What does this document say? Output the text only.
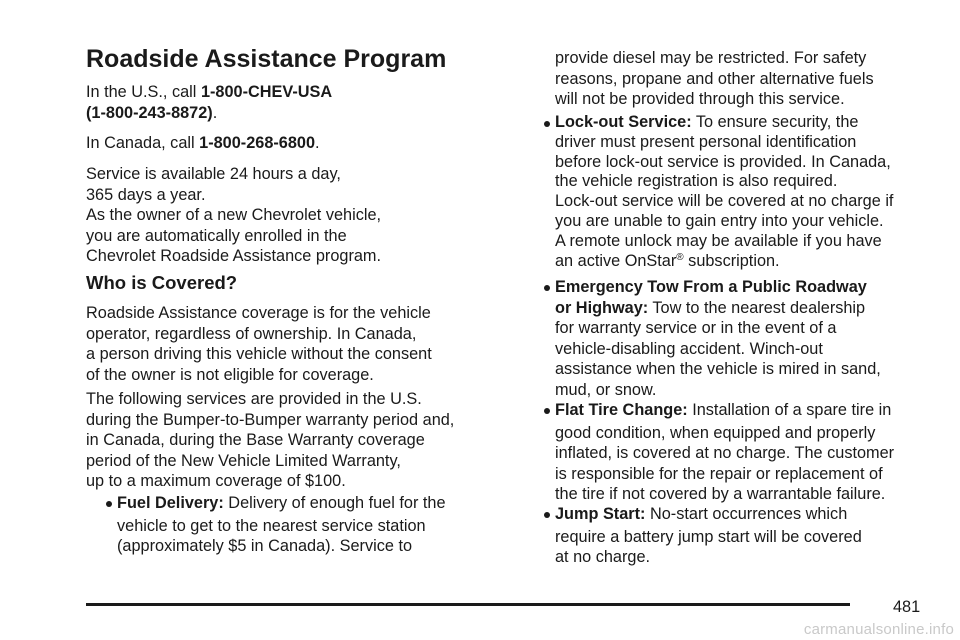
Roadside Assistance Program

In the U.S., call 1-800-CHEV-USA
(1-800-243-8872).

In Canada, call 1-800-268-6800.

Service is available 24 hours a day,
365 days a year.

As the owner of a new Chevrolet vehicle,
you are automatically enrolled in the
Chevrolet Roadside Assistance program.

Who is Covered?

Roadside Assistance coverage is for the vehicle
operator, regardless of ownership. In Canada,
a person driving this vehicle without the consent
of the owner is not eligible for coverage.

The following services are provided in the U.S.
during the Bumper-to-Bumper warranty period and,
in Canada, during the Base Warranty coverage
period of the New Vehicle Limited Warranty,
up to a maximum coverage of $100.

Fuel Delivery: Delivery of enough fuel for the
vehicle to get to the nearest service station
(approximately $5 in Canada). Service to

provide diesel may be restricted. For safety
reasons, propane and other alternative fuels
will not be provided through this service.

Lock-out Service: To ensure security, the
driver must present personal identification
before lock-out service is provided. In Canada,
the vehicle registration is also required.
Lock-out service will be covered at no charge if
you are unable to gain entry into your vehicle.
A remote unlock may be available if you have
an active OnStar® subscription.

Emergency Tow From a Public Roadway
or Highway: Tow to the nearest dealership
for warranty service or in the event of a
vehicle-disabling accident. Winch-out
assistance when the vehicle is mired in sand,
mud, or snow.

Flat Tire Change: Installation of a spare tire in
good condition, when equipped and properly
inflated, is covered at no charge. The customer
is responsible for the repair or replacement of
the tire if not covered by a warrantable failure.

Jump Start: No-start occurrences which
require a battery jump start will be covered
at no charge.

481
carmanualsonline.info
